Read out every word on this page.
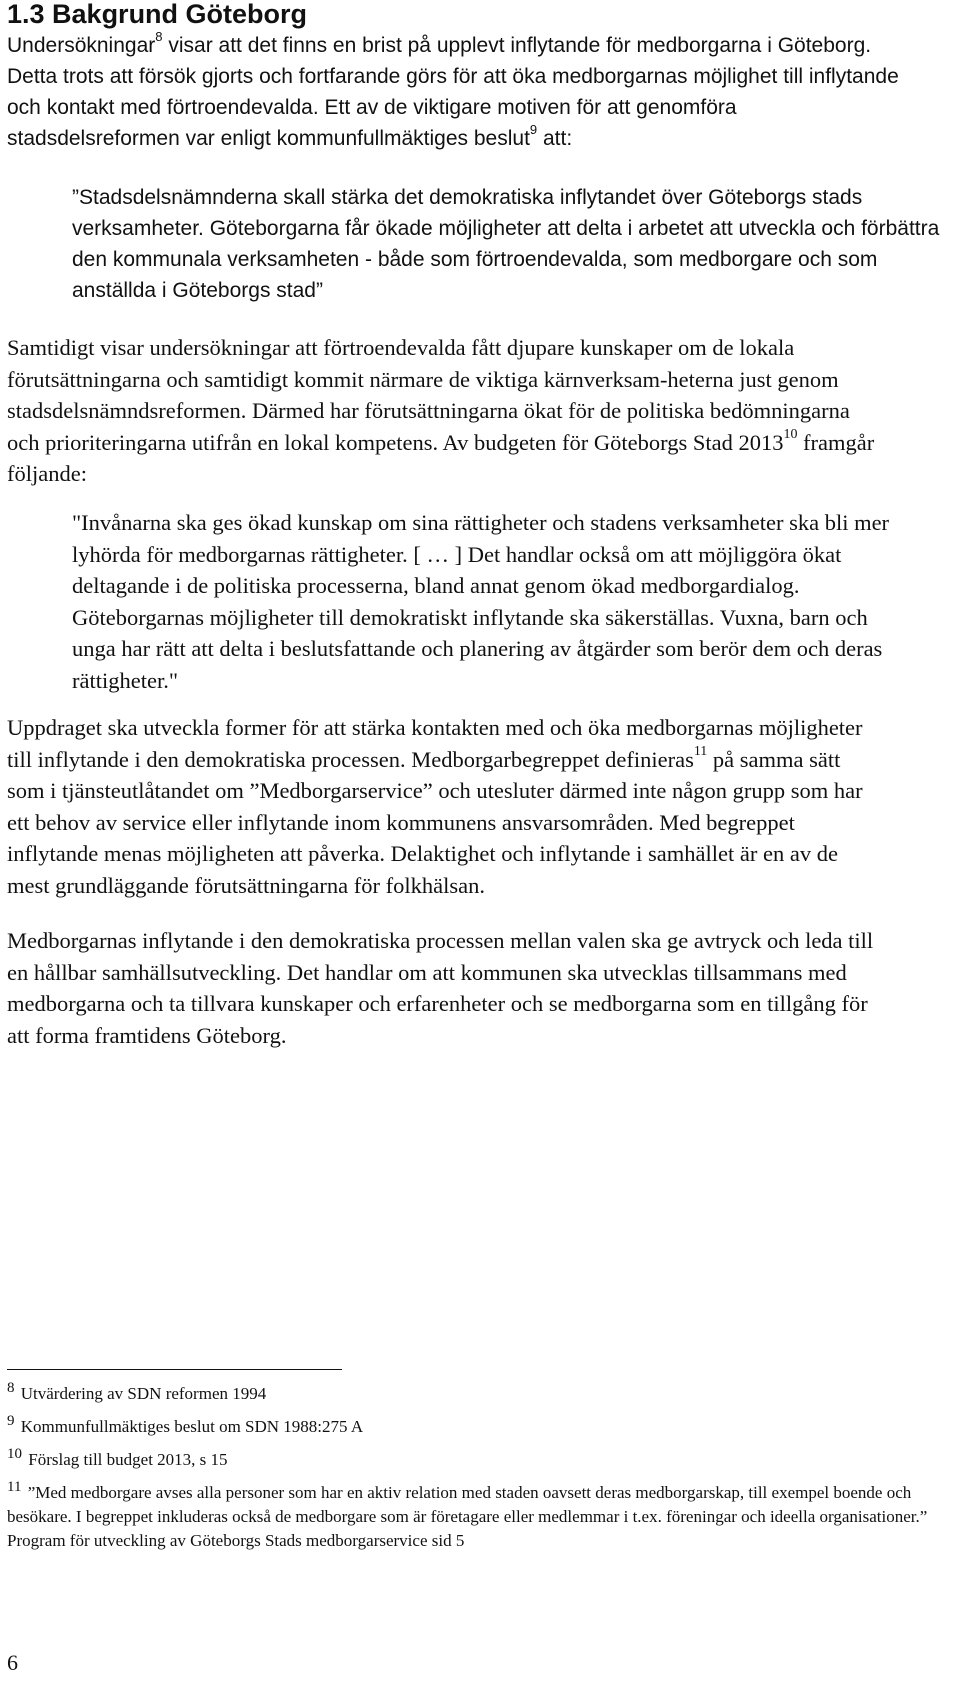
1.3 Bakgrund Göteborg

Undersökningar$^8$ visar att det finns en brist på upplevt inflytande för medborgarna i Göteborg. Detta trots att försök gjorts och fortfarande görs för att öka medborgarnas möjlighet till inflytande och kontakt med förtroendevalda. Ett av de viktigare motiven för att genomföra stadsdelsreformen var enligt kommunfullmäktiges beslut$^9$ att:

”Stadsdelsnämnderna skall stärka det demokratiska inflytandet över Göteborgs stads verksamheter. Göteborgarna får ökade möjligheter att delta i arbetet att utveckla och förbättra den kommunala verksamheten - både som förtroendevalda, som medborgare och som anställda i Göteborgs stad”

Samtidigt visar undersökningar att förtroendevalda fått djupare kunskaper om de lokala förutsättningarna och samtidigt kommit närmare de viktiga kärnverksam-heterna just genom stadsdelsnämndsreformen. Därmed har förutsättningarna ökat för de politiska bedömningarna och prioriteringarna utifrån en lokal kompetens. Av budgeten för Göteborgs Stad 2013$^{10}$ framgår följande:

"Invånarna ska ges ökad kunskap om sina rättigheter och stadens verksamheter ska bli mer lyhörda för medborgarnas rättigheter. [ … ] Det handlar också om att möjliggöra ökat deltagande i de politiska processerna, bland annat genom ökad medborgardialog. Göteborgarnas möjligheter till demokratiskt inflytande ska säkerställas. Vuxna, barn och unga har rätt att delta i beslutsfattande och planering av åtgärder som berör dem och deras rättigheter."

Uppdraget ska utveckla former för att stärka kontakten med och öka medborgarnas möjligheter till inflytande i den demokratiska processen. Medborgarbegreppet definieras$^{11}$ på samma sätt som i tjänsteutlåtandet om ”Medborgarservice” och utesluter därmed inte någon grupp som har ett behov av service eller inflytande inom kommunens ansvarsområden. Med begreppet inflytande menas möjligheten att påverka. Delaktighet och inflytande i samhället är en av de mest grundläggande förutsättningarna för folkhälsan.

Medborgarnas inflytande i den demokratiska processen mellan valen ska ge avtryck och leda till en hållbar samhällsutveckling. Det handlar om att kommunen ska utvecklas tillsammans med medborgarna och ta tillvara kunskaper och erfarenheter och se medborgarna som en tillgång för att forma framtidens Göteborg.

8 Utvärdering av SDN reformen 1994

9 Kommunfullmäktiges beslut om SDN 1988:275 A

10 Förslag till budget 2013, s 15

11 ”Med medborgare avses alla personer som har en aktiv relation med staden oavsett deras medborgarskap, till exempel boende och besökare. I begreppet inkluderas också de medborgare som är företagare eller medlemmar i t.ex. föreningar och ideella organisationer.” Program för utveckling av Göteborgs Stads medborgarservice sid 5

6
